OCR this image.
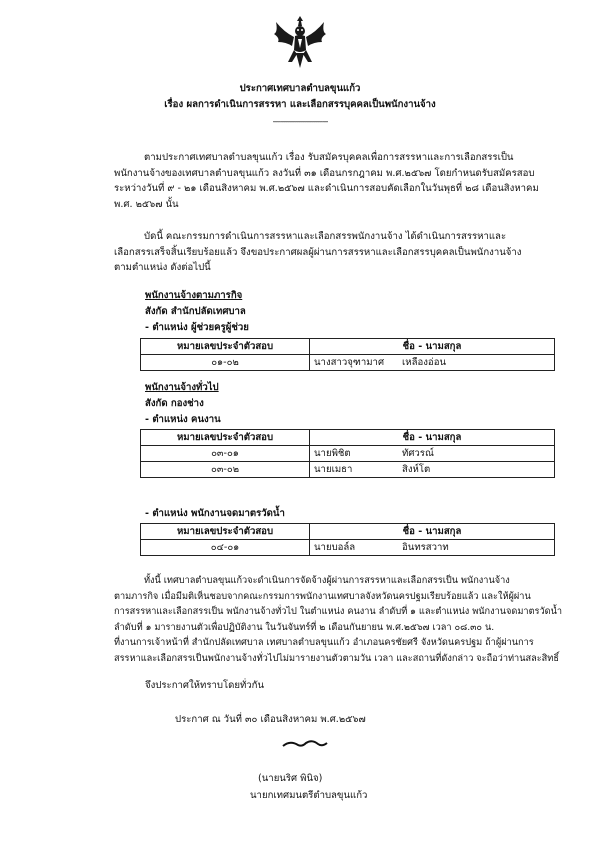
ประกาศเทศบาลตำบลขุนแก้ว
เรื่อง ผลการดำเนินการสรรหา และเลือกสรรบุคคลเป็นพนักงานจ้าง
-----------------------------
ตามประกาศเทศบาลตำบลขุนแก้ว เรื่อง รับสมัครบุคคลเพื่อการสรรหาและการเลือกสรรเป็น
พนักงานจ้างของเทศบาลตำบลขุนแก้ว ลงวันที่ ๓๑ เดือนกรกฎาคม พ.ศ.๒๕๖๗ โดยกำหนดรับสมัครสอบ
ระหว่างวันที่ ๙ - ๒๑ เดือนสิงหาคม พ.ศ.๒๕๖๗ และดำเนินการสอบคัดเลือกในวันพุธที่ ๒๘ เดือนสิงหาคม
พ.ศ. ๒๕๖๗ นั้น
บัดนี้ คณะกรรมการดำเนินการสรรหาและเลือกสรรพนักงานจ้าง ได้ดำเนินการสรรหาและ
เลือกสรรเสร็จสิ้นเรียบร้อยแล้ว จึงขอประกาศผลผู้ผ่านการสรรหาและเลือกสรรบุคคลเป็นพนักงานจ้าง
ตามตำแหน่ง ดังต่อไปนี้
พนักงานจ้างตามภารกิจ
สังกัด สำนักปลัดเทศบาล
- ตำแหน่ง ผู้ช่วยครูผู้ช่วย
หมายเลขประจำตัวสอบ	ชื่อ - นามสกุล	
๐๑-๐๒	นางสาวจุฑามาศ	เหลืองอ่อน
พนักงานจ้างทั่วไป
สังกัด กองช่าง
- ตำแหน่ง คนงาน
หมายเลขประจำตัวสอบ	ชื่อ - นามสกุล	
๐๓-๐๑	นายพิชิต	ทัศวรณ์
๐๓-๐๒	นายเมธา	สิงห์โต
- ตำแหน่ง พนักงานจดมาตรวัดน้ำ
หมายเลขประจำตัวสอบ	ชื่อ - นามสกุล	
๐๔-๐๑	นายบอล์ล	อินทรสวาท
ทั้งนี้ เทศบาลตำบลขุนแก้วจะดำเนินการจัดจ้างผู้ผ่านการสรรหาและเลือกสรรเป็น พนักงานจ้าง
ตามภารกิจ เมื่อมีมติเห็นชอบจากคณะกรรมการพนักงานเทศบาลจังหวัดนครปฐมเรียบร้อยแล้ว และให้ผู้ผ่าน
การสรรหาและเลือกสรรเป็น พนักงานจ้างทั่วไป ในตำแหน่ง คนงาน ลำดับที่ ๑ และตำแหน่ง พนักงานจดมาตรวัดน้ำ
ลำดับที่ ๑ มารายงานตัวเพื่อปฏิบัติงาน ในวันจันทร์ที่ ๒ เดือนกันยายน พ.ศ.๒๕๖๗ เวลา ๐๘.๓๐ น.
ที่งานการเจ้าหน้าที่ สำนักปลัดเทศบาล เทศบาลตำบลขุนแก้ว อำเภอนครชัยศรี จังหวัดนครปฐม ถ้าผู้ผ่านการ
สรรหาและเลือกสรรเป็นพนักงานจ้างทั่วไปไม่มารายงานตัวตามวัน เวลา และสถานที่ดังกล่าว จะถือว่าท่านสละสิทธิ์
จึงประกาศให้ทราบโดยทั่วกัน
ประกาศ ณ วันที่ ๓๐ เดือนสิงหาคม พ.ศ.๒๕๖๗
(นายนริศ พินิจ)
นายกเทศมนตรีตำบลขุนแก้ว
